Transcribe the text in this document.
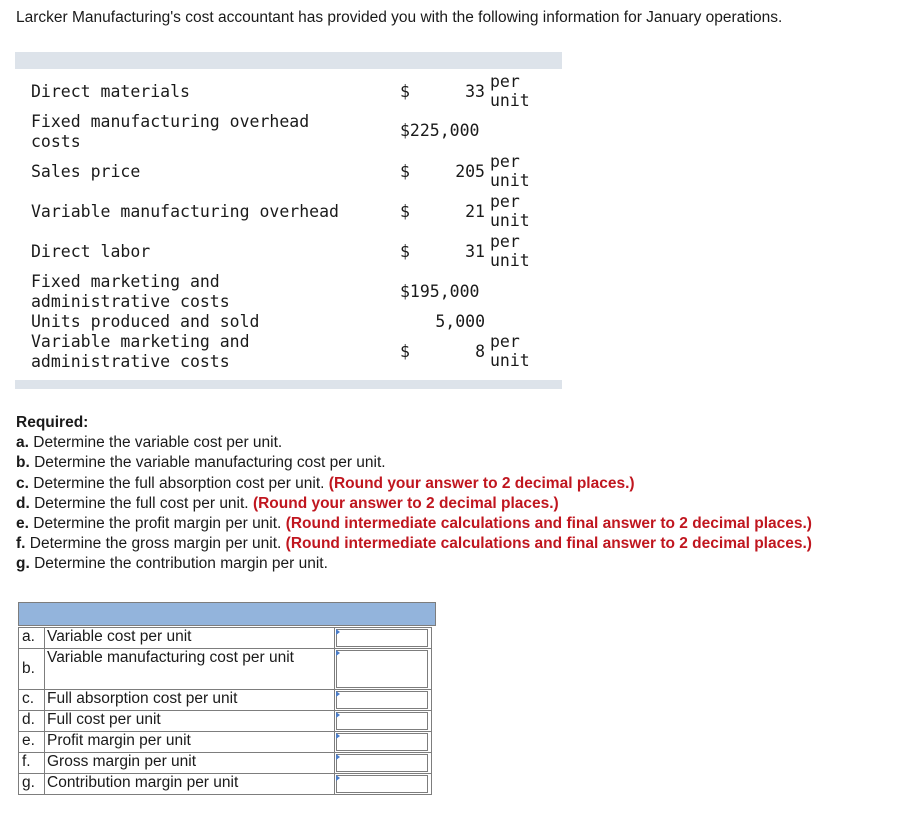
Larcker Manufacturing's cost accountant has provided you with the following information for January operations.
Direct materials	$	33
per unit
Fixed manufacturing overhead costs
$225,000
Sales price	$	205
per unit
Variable manufacturing overhead	$	21
per unit
Direct labor	$	31
per unit
Fixed marketing and administrative costs
$195,000
Units produced and sold	5,000
Variable marketing and administrative costs
$	8
per unit
Required:
a. Determine the variable cost per unit.
b. Determine the variable manufacturing cost per unit.
c. Determine the full absorption cost per unit. (Round your answer to 2 decimal places.)
d. Determine the full cost per unit. (Round your answer to 2 decimal places.)
e. Determine the profit margin per unit. (Round intermediate calculations and final answer to 2 decimal places.)
f. Determine the gross margin per unit. (Round intermediate calculations and final answer to 2 decimal places.)
g. Determine the contribution margin per unit.
a.	Variable cost per unit	

b.	Variable manufacturing cost per unit	

c.	Full absorption cost per unit	

d.	Full cost per unit	

e.	Profit margin per unit	

f.	Gross margin per unit	

g.	Contribution margin per unit	
